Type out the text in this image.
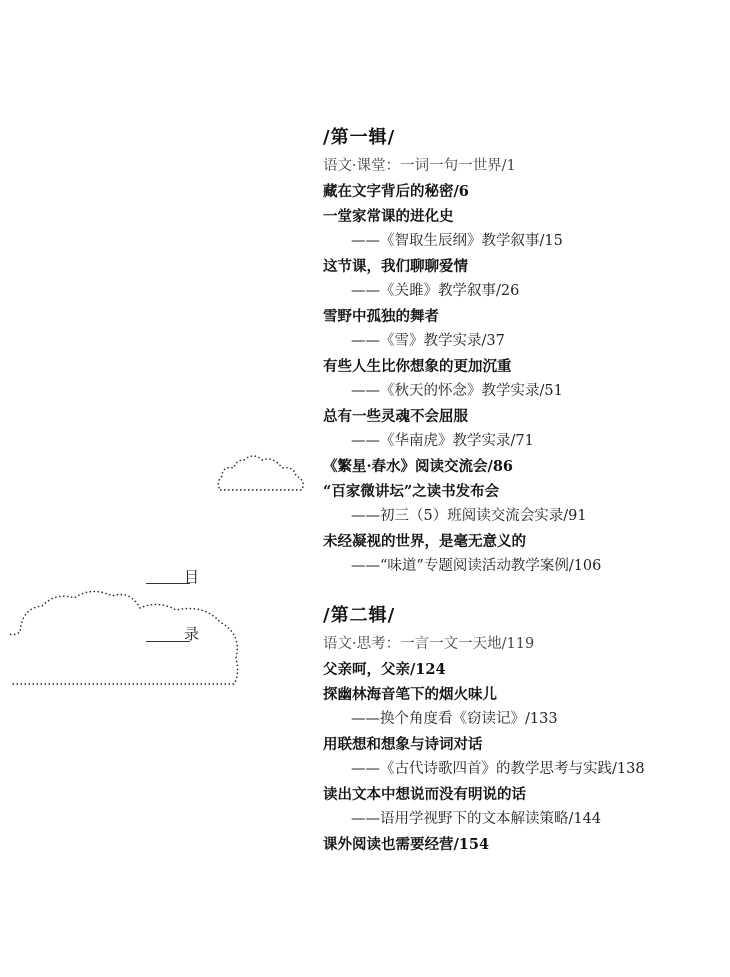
目
录
/第一辑/
语文·课堂：一词一句一世界/1
藏在文字背后的秘密/6
一堂家常课的进化史
——《智取生辰纲》教学叙事/15
这节课，我们聊聊爱情
——《关雎》教学叙事/26
雪野中孤独的舞者
——《雪》教学实录/37
有些人生比你想象的更加沉重
——《秋天的怀念》教学实录/51
总有一些灵魂不会屈服
——《华南虎》教学实录/71
《繁星·春水》阅读交流会/86
“百家微讲坛”之读书发布会
——初三（5）班阅读交流会实录/91
未经凝视的世界，是毫无意义的
——“味道”专题阅读活动教学案例/106
/第二辑/
语文·思考：一言一文一天地/119
父亲呵，父亲/124
探幽林海音笔下的烟火味儿
——换个角度看《窃读记》/133
用联想和想象与诗词对话
——《古代诗歌四首》的教学思考与实践/138
读出文本中想说而没有明说的话
——语用学视野下的文本解读策略/144
课外阅读也需要经营/154
